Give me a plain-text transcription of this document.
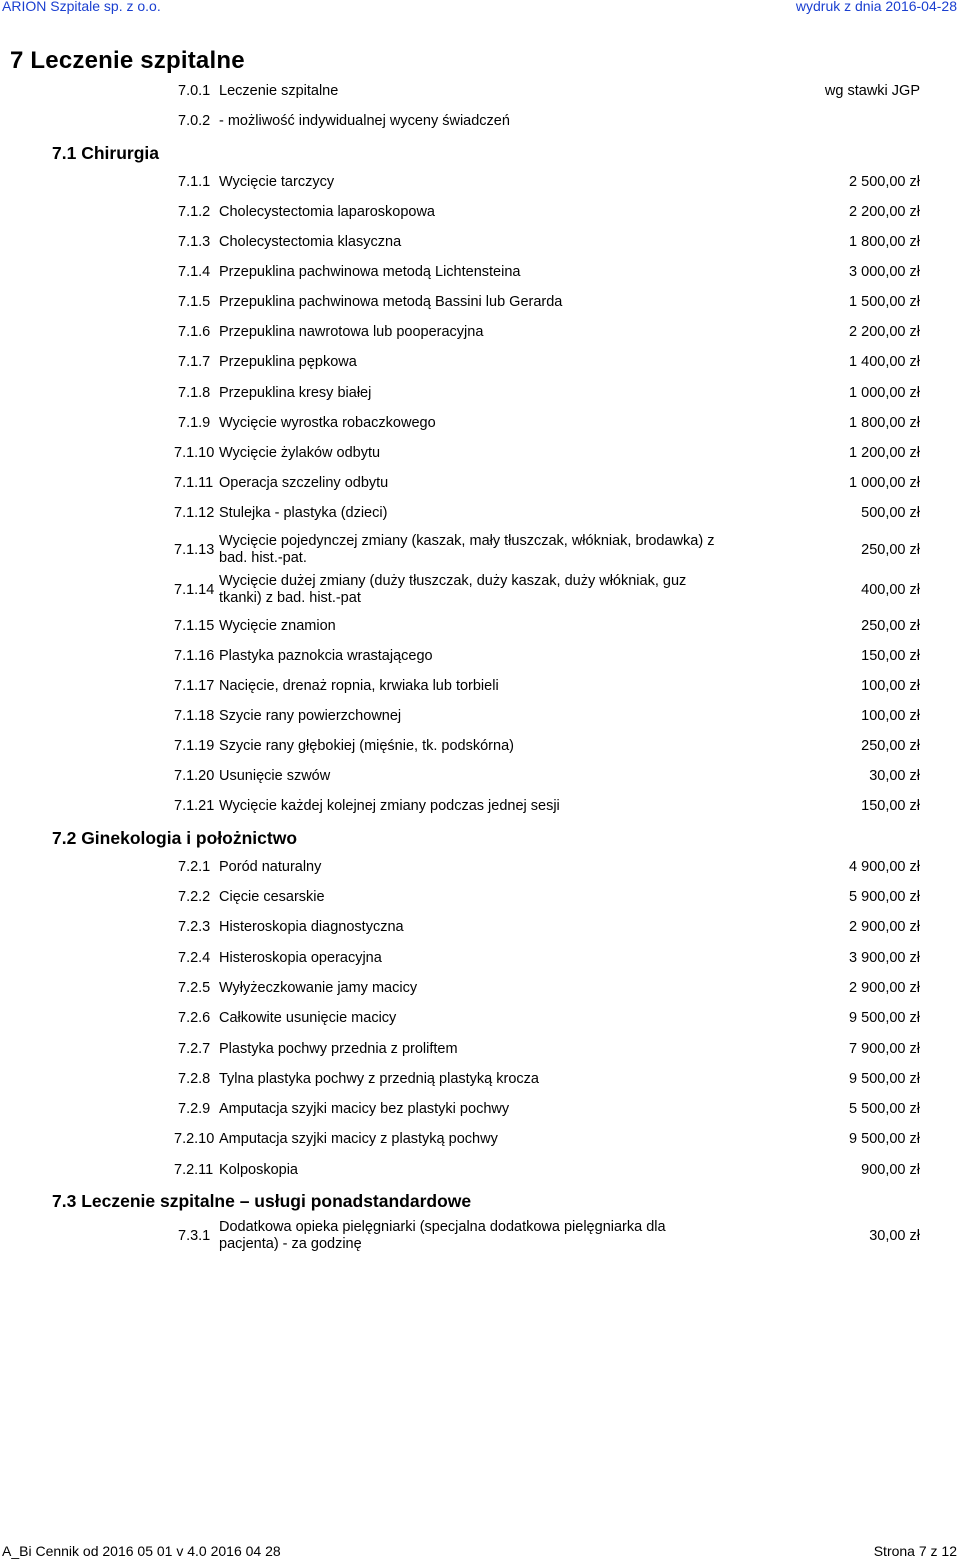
ARION Szpitale sp. z o.o.	wydruk z dnia 2016-04-28
7 Leczenie szpitalne
7.0.1 Leczenie szpitalne	wg stawki JGP
7.0.2 - możliwość indywidualnej wyceny świadczeń
7.1 Chirurgia
7.1.1 Wycięcie tarczycy	2 500,00 zł
7.1.2 Cholecystectomia laparoskopowa	2 200,00 zł
7.1.3 Cholecystectomia klasyczna	1 800,00 zł
7.1.4 Przepuklina pachwinowa metodą Lichtensteina	3 000,00 zł
7.1.5 Przepuklina pachwinowa metodą Bassini lub Gerarda	1 500,00 zł
7.1.6 Przepuklina nawrotowa lub pooperacyjna	2 200,00 zł
7.1.7 Przepuklina pępkowa	1 400,00 zł
7.1.8 Przepuklina kresy białej	1 000,00 zł
7.1.9 Wycięcie wyrostka robaczkowego	1 800,00 zł
7.1.10 Wycięcie żylaków odbytu	1 200,00 zł
7.1.11 Operacja szczeliny odbytu	1 000,00 zł
7.1.12 Stulejka - plastyka (dzieci)	500,00 zł
7.1.13
Wycięcie pojedynczej zmiany (kaszak, mały tłuszczak, włókniak, brodawka) z bad. hist.-pat.	250,00 zł
7.1.14
Wycięcie dużej zmiany (duży tłuszczak, duży kaszak, duży włókniak, guz tkanki) z bad. hist.-pat	400,00 zł
7.1.15 Wycięcie znamion	250,00 zł
7.1.16 Plastyka paznokcia wrastającego	150,00 zł
7.1.17 Nacięcie, drenaż ropnia, krwiaka lub torbieli	100,00 zł
7.1.18 Szycie rany powierzchownej	100,00 zł
7.1.19 Szycie rany głębokiej (mięśnie, tk. podskórna)	250,00 zł
7.1.20 Usunięcie szwów	30,00 zł
7.1.21 Wycięcie każdej kolejnej zmiany podczas jednej sesji	150,00 zł
7.2 Ginekologia i położnictwo
7.2.1 Poród naturalny	4 900,00 zł
7.2.2 Cięcie cesarskie	5 900,00 zł
7.2.3 Histeroskopia diagnostyczna	2 900,00 zł
7.2.4 Histeroskopia operacyjna	3 900,00 zł
7.2.5 Wyłyżeczkowanie jamy macicy	2 900,00 zł
7.2.6 Całkowite usunięcie macicy	9 500,00 zł
7.2.7 Plastyka pochwy przednia z proliftem	7 900,00 zł
7.2.8 Tylna plastyka pochwy z przednią plastyką krocza	9 500,00 zł
7.2.9 Amputacja szyjki macicy bez plastyki pochwy	5 500,00 zł
7.2.10 Amputacja szyjki macicy z plastyką pochwy	9 500,00 zł
7.2.11 Kolposkopia	900,00 zł
7.3 Leczenie szpitalne – usługi ponadstandardowe
7.3.1
Dodatkowa opieka pielęgniarki (specjalna dodatkowa pielęgniarka dla pacjenta) - za godzinę	30,00 zł
A_Bi Cennik od 2016 05 01 v 4.0 2016 04 28	Strona 7 z 12
